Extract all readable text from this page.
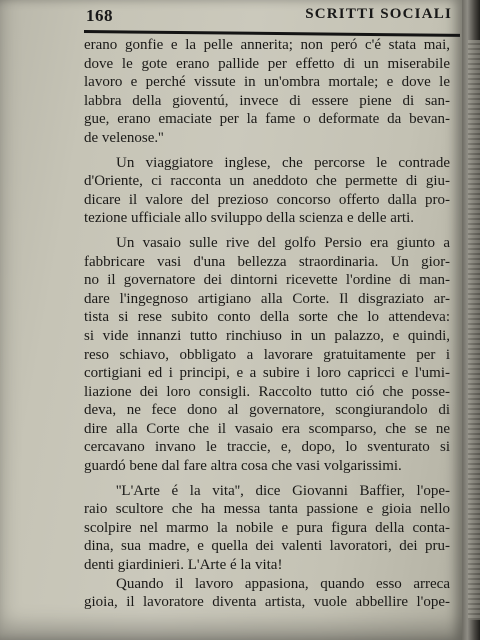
168	SCRITTI SOCIALI
erano gonfie e la pelle annerita; non peró c'é stata mai,
dove le gote erano pallide per effetto di un miserabile
lavoro e perché vissute in un'ombra mortale; e dove le
labbra della gioventú, invece di essere piene di san-
gue, erano emaciate per la fame o deformate da bevan-
de velenose.''
Un viaggiatore inglese, che percorse le contrade
d'Oriente, ci racconta un aneddoto che permette di giu-
dicare il valore del prezioso concorso offerto dalla pro-
tezione ufficiale allo sviluppo della scienza e delle arti.
Un vasaio sulle rive del golfo Persio era giunto a
fabbricare vasi d'una bellezza straordinaria. Un gior-
no il governatore dei dintorni ricevette l'ordine di man-
dare l'ingegnoso artigiano alla Corte. Il disgraziato ar-
tista si rese subito conto della sorte che lo attendeva:
si vide innanzi tutto rinchiuso in un palazzo, e quindi,
reso schiavo, obbligato a lavorare gratuitamente per i
cortigiani ed i principi, e a subire i loro capricci e l'umi-
liazione dei loro consigli. Raccolto tutto ció che posse-
deva, ne fece dono al governatore, scongiurandolo di
dire alla Corte che il vasaio era scomparso, che se ne
cercavano invano le traccie, e, dopo, lo sventurato si
guardó bene dal fare altra cosa che vasi volgarissimi.
''L'Arte é la vita'', dice Giovanni Baffier, l'ope-
raio scultore che ha messa tanta passione e gioia nello
scolpire nel marmo la nobile e pura figura della conta-
dina, sua madre, e quella dei valenti lavoratori, dei pru-
denti giardinieri. L'Arte é la vita!
Quando il lavoro appasiona, quando esso arreca
gioia, il lavoratore diventa artista, vuole abbellire l'ope-
